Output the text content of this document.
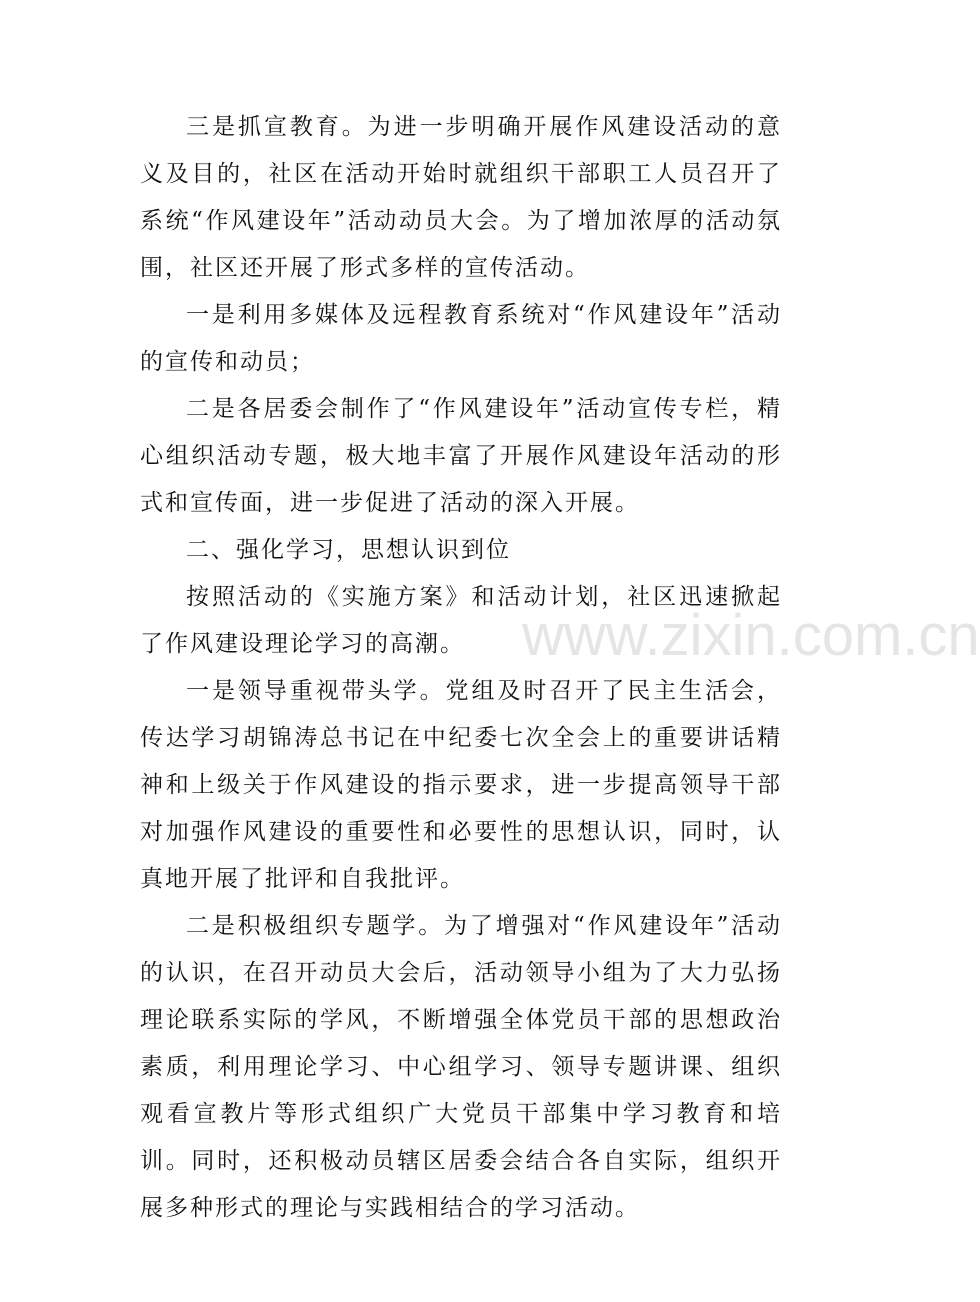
三是抓宣教育。为进一步明确开展作风建设活动的意义及目的，社区在活动开始时就组织干部职工人员召开了系统“作风建设年”活动动员大会。为了增加浓厚的活动氛围，社区还开展了形式多样的宣传活动。

一是利用多媒体及远程教育系统对“作风建设年”活动的宣传和动员；

二是各居委会制作了“作风建设年”活动宣传专栏，精心组织活动专题，极大地丰富了开展作风建设年活动的形式和宣传面，进一步促进了活动的深入开展。

二、强化学习，思想认识到位

按照活动的《实施方案》和活动计划，社区迅速掀起了作风建设理论学习的高潮。

一是领导重视带头学。党组及时召开了民主生活会，传达学习胡锦涛总书记在中纪委七次全会上的重要讲话精神和上级关于作风建设的指示要求，进一步提高领导干部对加强作风建设的重要性和必要性的思想认识，同时，认真地开展了批评和自我批评。

二是积极组织专题学。为了增强对“作风建设年”活动的认识，在召开动员大会后，活动领导小组为了大力弘扬理论联系实际的学风，不断增强全体党员干部的思想政治素质，利用理论学习、中心组学习、领导专题讲课、组织观看宣教片等形式组织广大党员干部集中学习教育和培训。同时，还积极动员辖区居委会结合各自实际，组织开展多种形式的理论与实践相结合的学习活动。

www.zixin.com.cn
